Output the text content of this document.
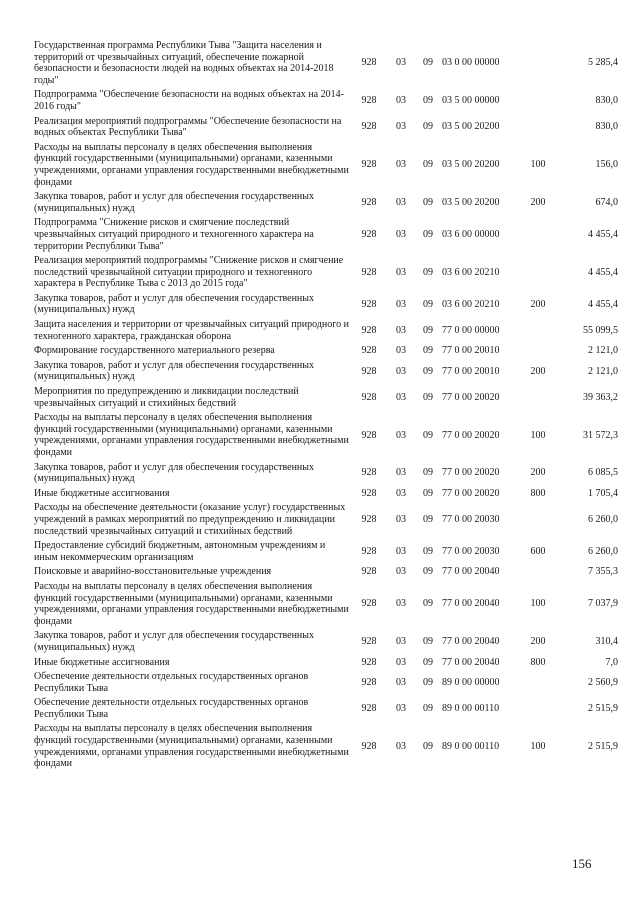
Государственная программа Республики Тыва "Защита населения и территорий от чрезвычайных ситуаций, обеспечение пожарной безопасности и безопасности людей на водных объектах на 2014-2018 годы"	928	03	09	03 0 00 00000		5 285,4
Подпрограмма "Обеспечение безопасности на водных объектах на 2014-2016 годы"	928	03	09	03 5 00 00000		830,0
Реализация мероприятий подпрограммы "Обеспечение безопасности на водных объектах Республики Тыва"	928	03	09	03 5 00 20200		830,0
Расходы на выплаты персоналу в целях обеспечения выполнения функций государственными (муниципальными) органами, казенными учреждениями, органами управления государственными внебюджетными фондами	928	03	09	03 5 00 20200	100	156,0
Закупка товаров, работ и услуг для обеспечения государственных (муниципальных) нужд	928	03	09	03 5 00 20200	200	674,0
Подпрограмма "Снижение рисков и смягчение последствий чрезвычайных ситуаций природного и техногенного характера на территории Республики Тыва"	928	03	09	03 6 00 00000		4 455,4
Реализация мероприятий подпрограммы "Снижение рисков и смягчение последствий чрезвычайной ситуации природного и техногенного характера в Республике Тыва с 2013 до 2015 года"	928	03	09	03 6 00 20210		4 455,4
Закупка товаров, работ и услуг для обеспечения государственных (муниципальных) нужд	928	03	09	03 6 00 20210	200	4 455,4
Защита населения и территории от чрезвычайных ситуаций природного и техногенного характера, гражданская оборона	928	03	09	77 0 00 00000		55 099,5
Формирование государственного материального резерва	928	03	09	77 0 00 20010		2 121,0
Закупка товаров, работ и услуг для обеспечения государственных (муниципальных) нужд	928	03	09	77 0 00 20010	200	2 121,0
Мероприятия по предупреждению и ликвидации последствий чрезвычайных ситуаций и стихийных бедствий	928	03	09	77 0 00 20020		39 363,2
Расходы на выплаты персоналу в целях обеспечения выполнения функций государственными (муниципальными) органами, казенными учреждениями, органами управления государственными внебюджетными фондами	928	03	09	77 0 00 20020	100	31 572,3
Закупка товаров, работ и услуг для обеспечения государственных (муниципальных) нужд	928	03	09	77 0 00 20020	200	6 085,5
Иные бюджетные ассигнования	928	03	09	77 0 00 20020	800	1 705,4
Расходы на обеспечение деятельности (оказание услуг) государственных учреждений в рамках мероприятий по предупреждению и ликвидации последствий чрезвычайных ситуаций и стихийных бедствий	928	03	09	77 0 00 20030		6 260,0
Предоставление субсидий бюджетным, автономным учреждениям и иным некоммерческим организациям	928	03	09	77 0 00 20030	600	6 260,0
Поисковые и аварийно-восстановительные учреждения	928	03	09	77 0 00 20040		7 355,3
Расходы на выплаты персоналу в целях обеспечения выполнения функций государственными (муниципальными) органами, казенными учреждениями, органами управления государственными внебюджетными фондами	928	03	09	77 0 00 20040	100	7 037,9
Закупка товаров, работ и услуг для обеспечения государственных (муниципальных) нужд	928	03	09	77 0 00 20040	200	310,4
Иные бюджетные ассигнования	928	03	09	77 0 00 20040	800	7,0
Обеспечение деятельности отдельных государственных органов Республики Тыва	928	03	09	89 0 00 00000		2 560,9
Обеспечение деятельности отдельных государственных органов Республики Тыва	928	03	09	89 0 00 00110		2 515,9
Расходы на выплаты персоналу в целях обеспечения выполнения функций государственными (муниципальными) органами, казенными учреждениями, органами управления государственными внебюджетными фондами	928	03	09	89 0 00 00110	100	2 515,9
156
